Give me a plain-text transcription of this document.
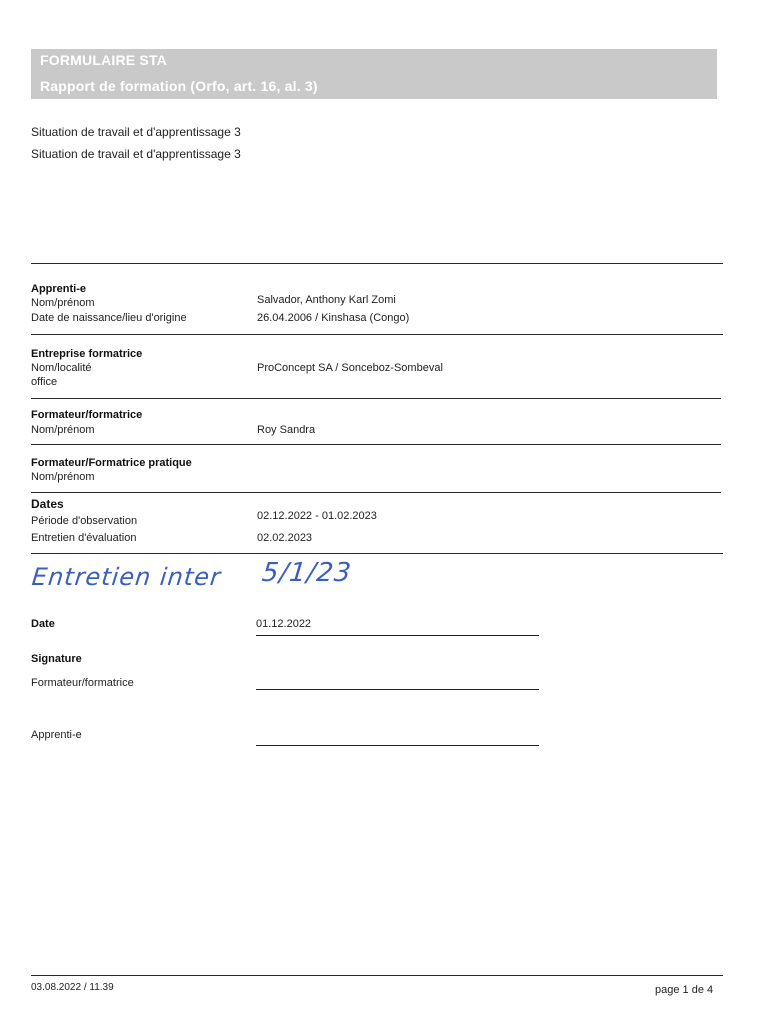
FORMULAIRE STA
Rapport de formation (Orfo, art. 16, al. 3)
Situation de travail et d'apprentissage 3
Situation de travail et d'apprentissage 3
Apprenti-e
Nom/prénom	Salvador, Anthony Karl Zomi
Date de naissance/lieu d'origine	26.04.2006 / Kinshasa (Congo)
Entreprise formatrice
Nom/localité
office
ProConcept SA / Sonceboz-Sombeval
Formateur/formatrice
Nom/prénom	Roy Sandra
Formateur/Formatrice pratique
Nom/prénom
Dates
Période d'observation	02.12.2022 - 01.02.2023
Entretien d'évaluation	02.02.2023
Entretien inter 5/1/23
Date	01.12.2022
Signature
Formateur/formatrice
Apprenti-e
03.08.2022 / 11.39	page 1 de 4
